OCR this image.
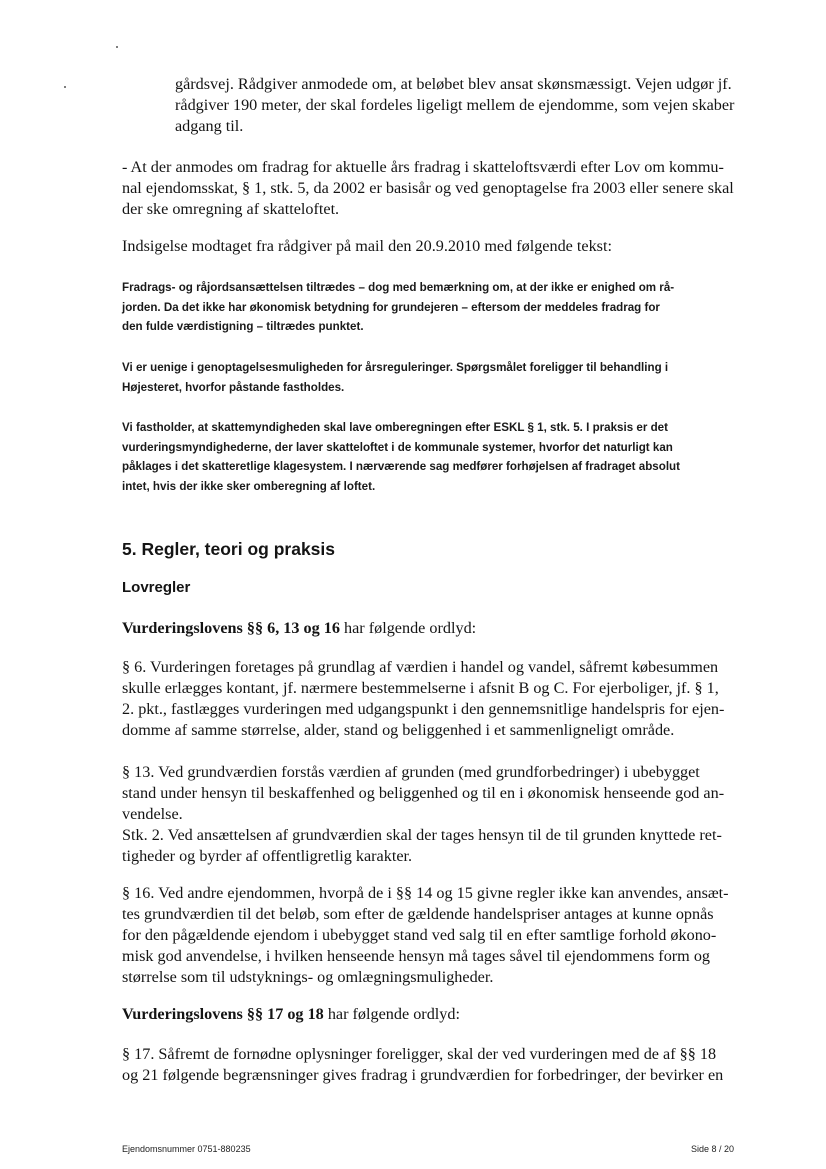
gårdsvej. Rådgiver anmodede om, at beløbet blev ansat skønsmæssigt. Vejen udgør jf.
rådgiver 190 meter, der skal fordeles ligeligt mellem de ejendomme, som vejen skaber
adgang til.

- At der anmodes om fradrag for aktuelle års fradrag i skatteloftsværdi efter Lov om kommu-
nal ejendomsskat, § 1, stk. 5, da 2002 er basisår og ved genoptagelse fra 2003 eller senere skal
der ske omregning af skatteloftet.

Indsigelse modtaget fra rådgiver på mail den 20.9.2010 med følgende tekst:

Fradrags- og råjordsansættelsen tiltrædes – dog med bemærkning om, at der ikke er enighed om rå-
jorden. Da det ikke har økonomisk betydning for grundejeren – eftersom der meddeles fradrag for
den fulde værdistigning – tiltrædes punktet.

Vi er uenige i genoptagelsesmuligheden for årsreguleringer. Spørgsmålet foreligger til behandling i
Højesteret, hvorfor påstande fastholdes.

Vi fastholder, at skattemyndigheden skal lave omberegningen efter ESKL § 1, stk. 5. I praksis er det
vurderingsmyndighederne, der laver skatteloftet i de kommunale systemer, hvorfor det naturligt kan
påklages i det skatteretlige klagesystem. I nærværende sag medfører forhøjelsen af fradraget absolut
intet, hvis der ikke sker omberegning af loftet.

5. Regler, teori og praksis
Lovregler

Vurderingslovens §§ 6, 13 og 16 har følgende ordlyd:

§ 6. Vurderingen foretages på grundlag af værdien i handel og vandel, såfremt købesummen
skulle erlægges kontant, jf. nærmere bestemmelserne i afsnit B og C. For ejerboliger, jf. § 1,
2. pkt., fastlægges vurderingen med udgangspunkt i den gennemsnitlige handelspris for ejen-
domme af samme størrelse, alder, stand og beliggenhed i et sammenligneligt område.

§ 13. Ved grundværdien forstås værdien af grunden (med grundforbedringer) i ubebygget
stand under hensyn til beskaffenhed og beliggenhed og til en i økonomisk henseende god an-
vendelse.
Stk. 2. Ved ansættelsen af grundværdien skal der tages hensyn til de til grunden knyttede ret-
tigheder og byrder af offentligretlig karakter.

§ 16. Ved andre ejendommen, hvorpå de i §§ 14 og 15 givne regler ikke kan anvendes, ansæt-
tes grundværdien til det beløb, som efter de gældende handelspriser antages at kunne opnås
for den pågældende ejendom i ubebygget stand ved salg til en efter samtlige forhold økono-
misk god anvendelse, i hvilken henseende hensyn må tages såvel til ejendommens form og
størrelse som til udstyknings- og omlægningsmuligheder.

Vurderingslovens §§ 17 og 18 har følgende ordlyd:

§ 17. Såfremt de fornødne oplysninger foreligger, skal der ved vurderingen med de af §§ 18
og 21 følgende begrænsninger gives fradrag i grundværdien for forbedringer, der bevirker en

Ejendomsnummer 0751-880235	Side 8 / 20
